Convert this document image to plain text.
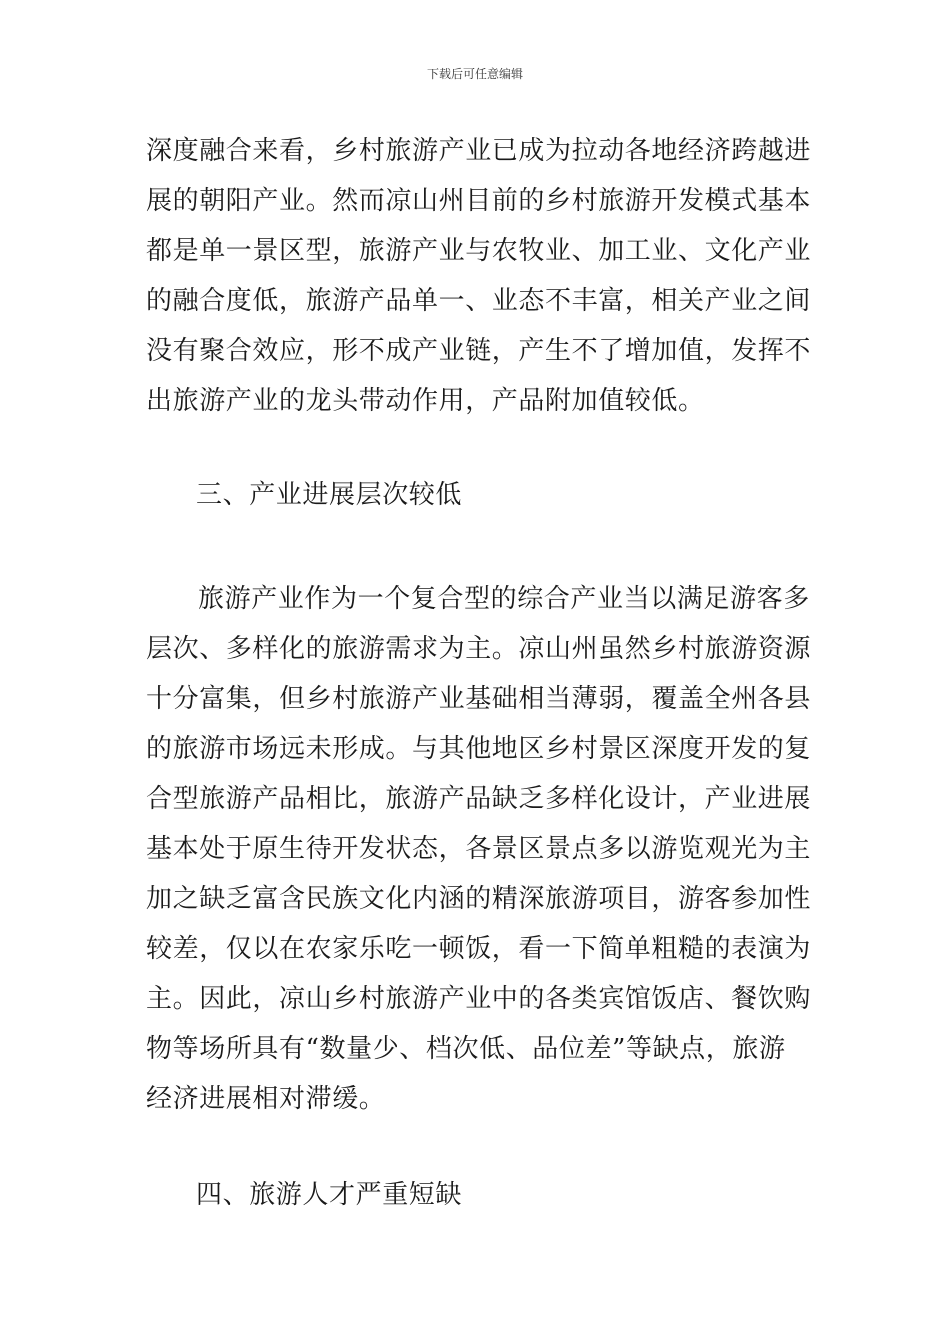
下载后可任意编辑
深度融合来看，乡村旅游产业已成为拉动各地经济跨越进
展的朝阳产业。然而凉山州目前的乡村旅游开发模式基本
都是单一景区型，旅游产业与农牧业、加工业、文化产业
的融合度低，旅游产品单一、业态不丰富，相关产业之间
没有聚合效应，形不成产业链，产生不了增加值，发挥不
出旅游产业的龙头带动作用，产品附加值较低。
三、产业进展层次较低
旅游产业作为一个复合型的综合产业当以满足游客多
层次、多样化的旅游需求为主。凉山州虽然乡村旅游资源
十分富集，但乡村旅游产业基础相当薄弱，覆盖全州各县
的旅游市场远未形成。与其他地区乡村景区深度开发的复
合型旅游产品相比，旅游产品缺乏多样化设计，产业进展
基本处于原生待开发状态，各景区景点多以游览观光为主
加之缺乏富含民族文化内涵的精深旅游项目，游客参加性
较差，仅以在农家乐吃一顿饭，看一下简单粗糙的表演为
主。因此，凉山乡村旅游产业中的各类宾馆饭店、餐饮购
物等场所具有“数量少、档次低、品位差”等缺点，旅游
经济进展相对滞缓。
四、旅游人才严重短缺
